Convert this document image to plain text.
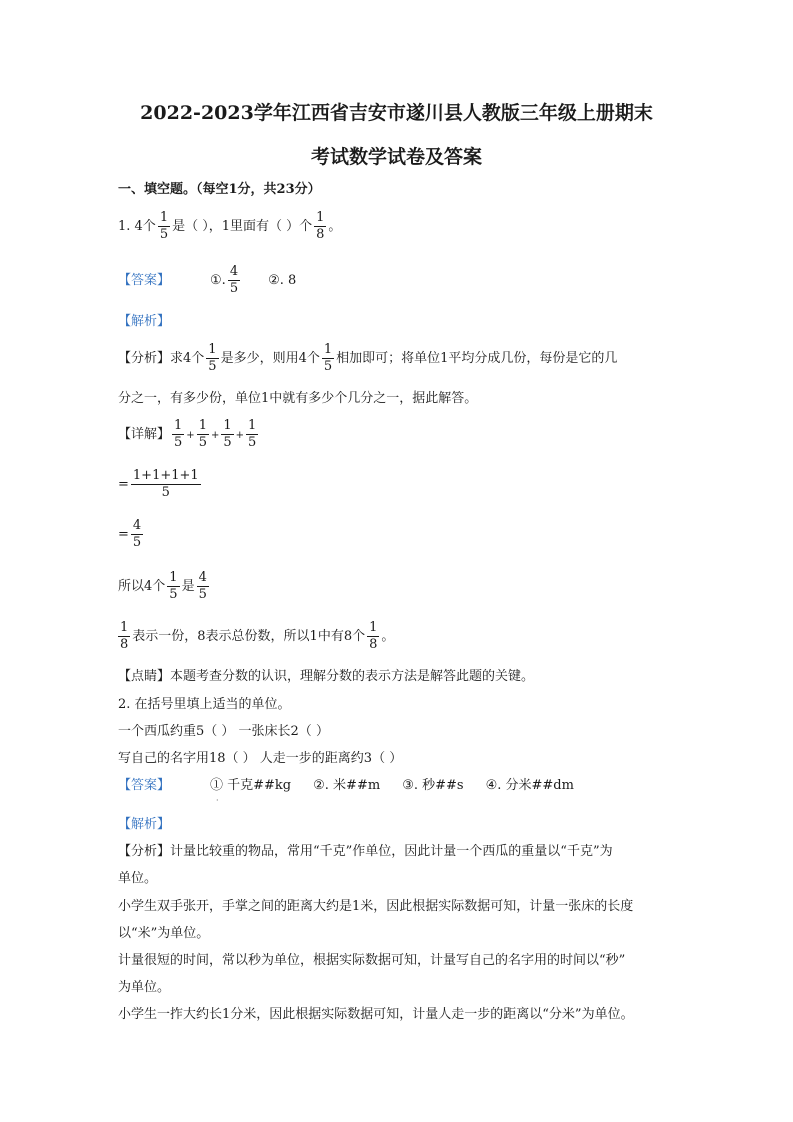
2022-2023学年江西省吉安市遂川县人教版三年级上册期末
考试数学试卷及答案
一、填空题。（每空1分，共23分）
1. 4个 $\frac{1}{5}$ 是（ ），1里面有（ ）个 $\frac{1}{8}$ 。
【答案】	①. $\frac{4}{5}$ ②. 8
【解析】
【分析】求4个 $\frac{1}{5}$ 是多少，则用4个 $\frac{1}{5}$ 相加即可；将单位1平均分成几份，每份是它的几
分之一，有多少份，单位1中就有多少个几分之一，据此解答。
【详解】 $\frac{1}{5} + \frac{1}{5} + \frac{1}{5} + \frac{1}{5}$
= $\frac{1+1+1+1}{5}$
= $\frac{4}{5}$
所以4个 $\frac{1}{5}$ 是 $\frac{4}{5}$
$\frac{1}{8}$ 表示一份，8表示总份数，所以1中有8个 $\frac{1}{8}$ 。
【点睛】本题考查分数的认识，理解分数的表示方法是解答此题的关键。
2. 在括号里填上适当的单位。
一个西瓜约重5（ ） 一张床长2（ ）
写自己的名字用18（ ） 人走一步的距离约3（ ）
【答案】	① 千克##kg ②. 米##m ③. 秒##s ④. 分米##dm
·
【解析】
【分析】计量比较重的物品，常用“千克”作单位，因此计量一个西瓜的重量以“千克”为
单位。
小学生双手张开，手掌之间的距离大约是1米，因此根据实际数据可知，计量一张床的长度
以“米”为单位。
计量很短的时间，常以秒为单位，根据实际数据可知，计量写自己的名字用的时间以“秒”
为单位。
小学生一拃大约长1分米，因此根据实际数据可知，计量人走一步的距离以“分米”为单位。
